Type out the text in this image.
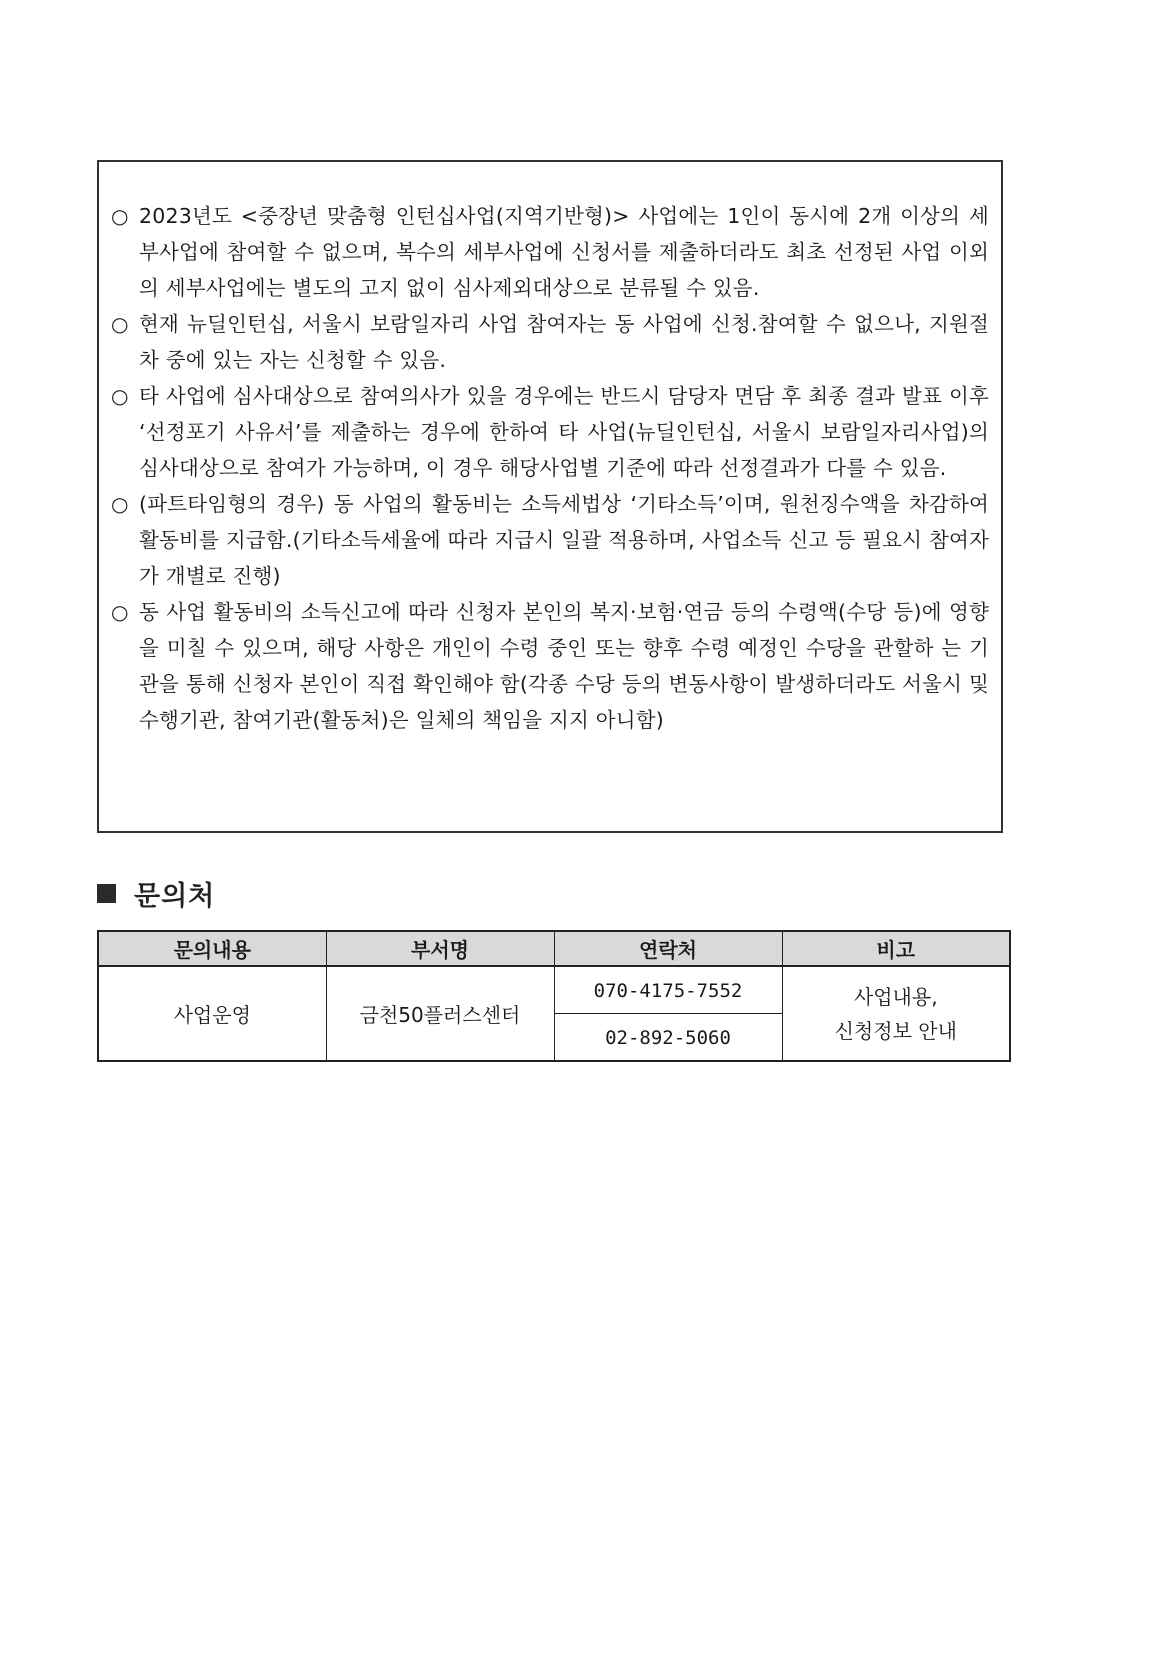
○ 2023년도 <중장년 맞춤형 인턴십사업(지역기반형)> 사업에는 1인이 동시에 2개 이상의 세부사업에 참여할 수 없으며, 복수의 세부사업에 신청서를 제출하더라도 최초 선정된 사업 이외의 세부사업에는 별도의 고지 없이 심사제외대상으로 분류될 수 있음.
○ 현재 뉴딜인턴십, 서울시 보람일자리 사업 참여자는 동 사업에 신청.참여할 수 없으나, 지원절차 중에 있는 자는 신청할 수 있음.
○ 타 사업에 심사대상으로 참여의사가 있을 경우에는 반드시 담당자 면담 후 최종 결과 발표 이후 ‘선정포기 사유서’를 제출하는 경우에 한하여 타 사업(뉴딜인턴십, 서울시 보람일자리사업)의 심사대상으로 참여가 가능하며, 이 경우 해당사업별 기준에 따라 선정결과가 다를 수 있음.
○ (파트타임형의 경우) 동 사업의 활동비는 소득세법상 ‘기타소득’이며, 원천징수액을 차감하여 활동비를 지급함.(기타소득세율에 따라 지급시 일괄 적용하며, 사업소득 신고 등 필요시 참여자가 개별로 진행)
○ 동 사업 활동비의 소득신고에 따라 신청자 본인의 복지·보험·연금 등의 수령액(수당 등)에 영향을 미칠 수 있으며, 해당 사항은 개인이 수령 중인 또는 향후 수령 예정인 수당을 관할하 는 기관을 통해 신청자 본인이 직접 확인해야 함(각종 수당 등의 변동사항이 발생하더라도 서울시 및 수행기관, 참여기관(활동처)은 일체의 책임을 지지 아니함)
문의처
문의내용	부서명	연락처	비고
사업운영	금천50플러스센터	070-4175-7552	사업내용,
신청정보 안내

		02-892-5060	
